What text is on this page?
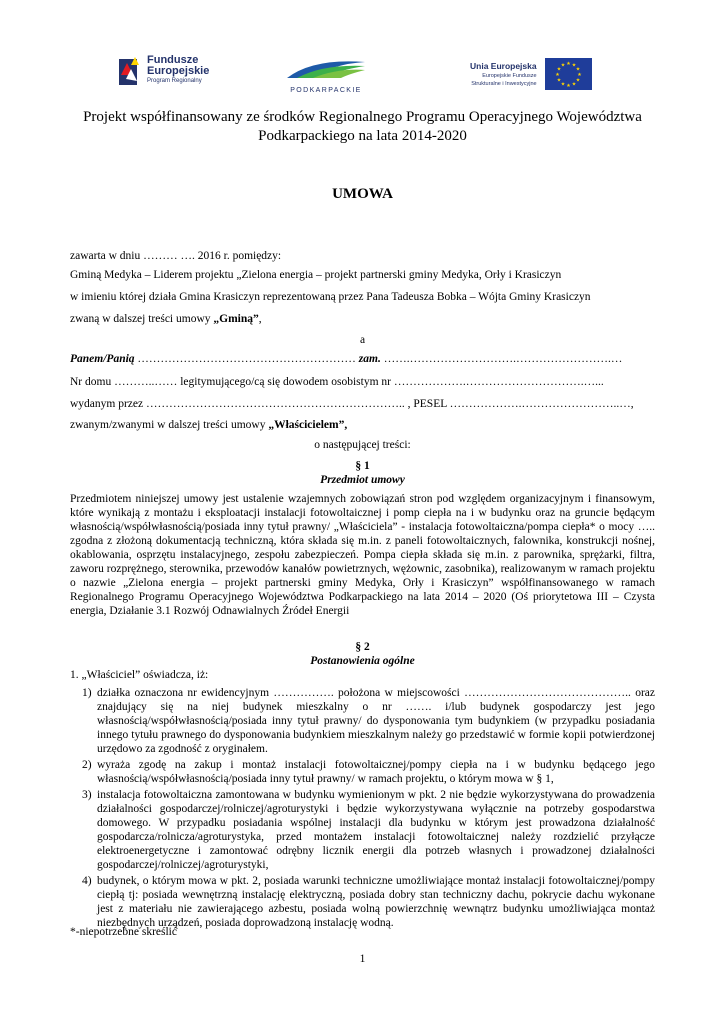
Fundusze
Europejskie
Program Regionalny
PODKARPACKIE
Unia Europejska
Europejskie Fundusze
Strukturalne i Inwestycyjne
★ ★
★
★
★
★
★
★
★
★
★
★
Projekt współfinansowany ze środków Regionalnego Programu Operacyjnego Województwa
Podkarpackiego na lata 2014-2020
UMOWA
zawarta w dniu ……… …. 2016 r. pomiędzy:
Gminą Medyka – Liderem projektu „Zielona energia – projekt partnerski gminy Medyka, Orły i Krasiczyn
w imieniu której działa Gmina Krasiczyn reprezentowaną przez Pana Tadeusza Bobka – Wójta Gminy Krasiczyn
zwaną w dalszej treści umowy „Gminą”,
a
Panem/Panią ………………………………………………… zam. …….……………………….…………………….…
Nr domu ………..…… legitymującego/cą się dowodem osobistym nr ……………….………………………….…...
wydanym przez ………………………………………………………….. , PESEL ……………….……………………..…,
zwanym/zwanymi w dalszej treści umowy „Właścicielem”,
o następującej treści:
§ 1
Przedmiot umowy
Przedmiotem niniejszej umowy jest ustalenie wzajemnych zobowiązań stron pod względem organizacyjnym i finansowym, które wynikają z montażu i eksploatacji instalacji fotowoltaicznej i pomp ciepła na i w budynku oraz na gruncie będącym własnością/współwłasnością/posiada inny tytuł prawny/ „Właściciela” - instalacja fotowoltaiczna/pompa ciepła* o mocy ….. zgodna z złożoną dokumentacją techniczną, która składa się m.in. z paneli fotowoltaicznych, falownika, konstrukcji nośnej, okablowania, osprzętu instalacyjnego, zespołu zabezpieczeń. Pompa ciepła składa się m.in. z parownika, sprężarki, filtra, zaworu rozprężnego, sterownika, przewodów kanałów powietrznych, wężownic, zasobnika), realizowanym w ramach projektu o nazwie „Zielona energia – projekt partnerski gminy Medyka, Orły i Krasiczyn” współfinansowanego w ramach Regionalnego Programu Operacyjnego Województwa Podkarpackiego na lata 2014 – 2020 (Oś priorytetowa III – Czysta energia, Działanie 3.1 Rozwój Odnawialnych Źródeł Energii
§ 2
Postanowienia ogólne
1. „Właściciel” oświadcza, iż:
1) działka oznaczona nr ewidencyjnym ……………. położona w miejscowości …………………………………….. oraz znajdujący się na niej budynek mieszkalny o nr ……. i/lub budynek gospodarczy jest jego własnością/współwłasnością/posiada inny tytuł prawny/ do dysponowania tym budynkiem (w przypadku posiadania innego tytułu prawnego do dysponowania budynkiem mieszkalnym należy go przedstawić w formie kopii potwierdzonej urzędowo za zgodność z oryginałem.
2) wyraża zgodę na zakup i montaż instalacji fotowoltaicznej/pompy ciepła na i w budynku będącego jego własnością/współwłasnością/posiada inny tytuł prawny/ w ramach projektu, o którym mowa w § 1,
3) instalacja fotowoltaiczna zamontowana w budynku wymienionym w pkt. 2 nie będzie wykorzystywana do prowadzenia działalności gospodarczej/rolniczej/agroturystyki i będzie wykorzystywana wyłącznie na potrzeby gospodarstwa domowego. W przypadku posiadania wspólnej instalacji dla budynku w którym jest prowadzona działalność gospodarcza/rolnicza/agroturystyka, przed montażem instalacji fotowoltaicznej należy rozdzielić przyłącze elektroenergetyczne i zamontować odrębny licznik energii dla potrzeb własnych i prowadzonej działalności gospodarczej/rolniczej/agroturystyki,
4) budynek, o którym mowa w pkt. 2, posiada warunki techniczne umożliwiające montaż instalacji fotowoltaicznej/pompy ciepłą tj: posiada wewnętrzną instalację elektryczną, posiada dobry stan techniczny dachu, pokrycie dachu wykonane jest z materiału nie zawierającego azbestu, posiada wolną powierzchnię wewnątrz budynku umożliwiająca montaż niezbędnych urządzeń, posiada doprowadzoną instalację wodną.
*-niepotrzebne skreślić
1
